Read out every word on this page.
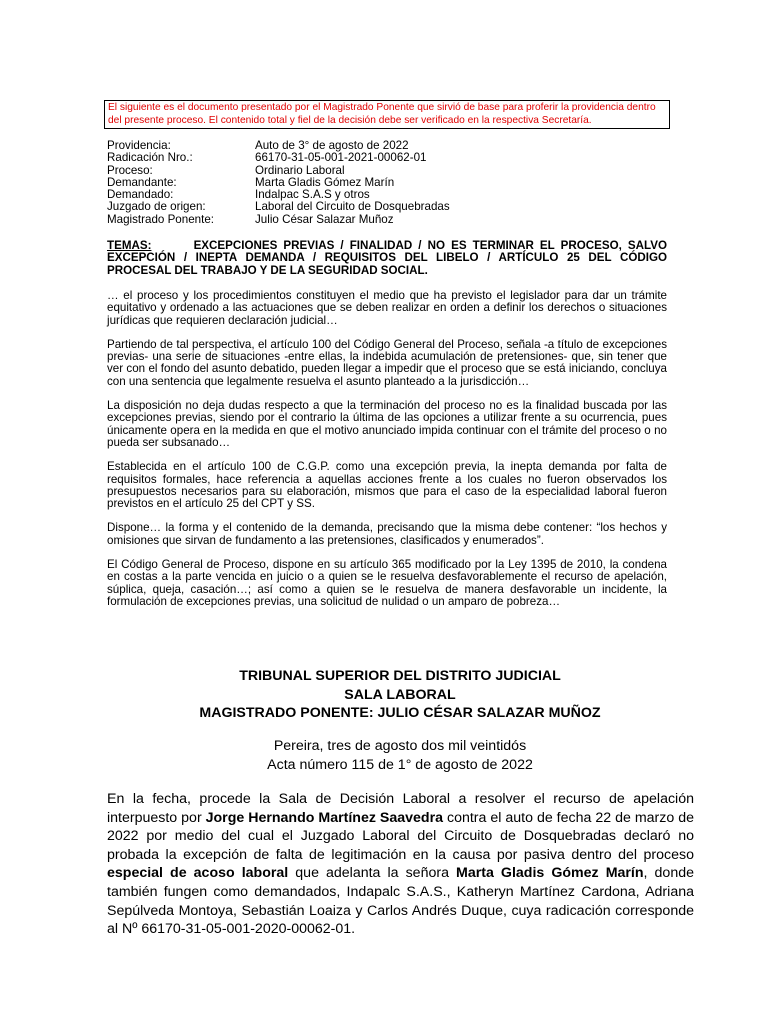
El siguiente es el documento presentado por el Magistrado Ponente que sirvió de base para proferir la providencia dentro del presente proceso. El contenido total y fiel de la decisión debe ser verificado en la respectiva Secretaría.
Providencia:	Auto de 3° de agosto de 2022
Radicación Nro.:	66170-31-05-001-2021-00062-01
Proceso:	Ordinario Laboral
Demandante:	Marta Gladis Gómez Marín
Demandado:	Indalpac S.A.S y otros
Juzgado de origen:	Laboral del Circuito de Dosquebradas
Magistrado Ponente:	Julio César Salazar Muñoz
TEMAS:	EXCEPCIONES PREVIAS / FINALIDAD / NO ES TERMINAR EL PROCESO, SALVO EXCEPCIÓN / INEPTA DEMANDA / REQUISITOS DEL LIBELO / ARTÍCULO 25 DEL CÓDIGO PROCESAL DEL TRABAJO Y DE LA SEGURIDAD SOCIAL.

… el proceso y los procedimientos constituyen el medio que ha previsto el legislador para dar un trámite equitativo y ordenado a las actuaciones que se deben realizar en orden a definir los derechos o situaciones jurídicas que requieren declaración judicial…

Partiendo de tal perspectiva, el artículo 100 del Código General del Proceso, señala -a título de excepciones previas- una serie de situaciones -entre ellas, la indebida acumulación de pretensiones- que, sin tener que ver con el fondo del asunto debatido, pueden llegar a impedir que el proceso que se está iniciando, concluya con una sentencia que legalmente resuelva el asunto planteado a la jurisdicción…

La disposición no deja dudas respecto a que la terminación del proceso no es la finalidad buscada por las excepciones previas, siendo por el contrario la última de las opciones a utilizar frente a su ocurrencia, pues únicamente opera en la medida en que el motivo anunciado impida continuar con el trámite del proceso o no pueda ser subsanado…

Establecida en el artículo 100 de C.G.P. como una excepción previa, la inepta demanda por falta de requisitos formales, hace referencia a aquellas acciones frente a los cuales no fueron observados los presupuestos necesarios para su elaboración, mismos que para el caso de la especialidad laboral fueron previstos en el artículo 25 del CPT y SS.

Dispone… la forma y el contenido de la demanda, precisando que la misma debe contener: “los hechos y omisiones que sirvan de fundamento a las pretensiones, clasificados y enumerados”.

El Código General de Proceso, dispone en su artículo 365 modificado por la Ley 1395 de 2010, la condena en costas a la parte vencida en juicio o a quien se le resuelva desfavorablemente el recurso de apelación, súplica, queja, casación…; así como a quien se le resuelva de manera desfavorable un incidente, la formulación de excepciones previas, una solicitud de nulidad o un amparo de pobreza…

TRIBUNAL SUPERIOR DEL DISTRITO JUDICIAL
SALA LABORAL
MAGISTRADO PONENTE: JULIO CÉSAR SALAZAR MUÑOZ
Pereira, tres de agosto dos mil veintidós
Acta número 115 de 1° de agosto de 2022
En la fecha, procede la Sala de Decisión Laboral a resolver el recurso de apelación interpuesto por Jorge Hernando Martínez Saavedra contra el auto de fecha 22 de marzo de 2022 por medio del cual el Juzgado Laboral del Circuito de Dosquebradas declaró no probada la excepción de falta de legitimación en la causa por pasiva dentro del proceso especial de acoso laboral que adelanta la señora Marta Gladis Gómez Marín, donde también fungen como demandados, Indapalc S.A.S., Katheryn Martínez Cardona, Adriana Sepúlveda Montoya, Sebastián Loaiza y Carlos Andrés Duque, cuya radicación corresponde al Nº 66170-31-05-001-2020-00062-01.
